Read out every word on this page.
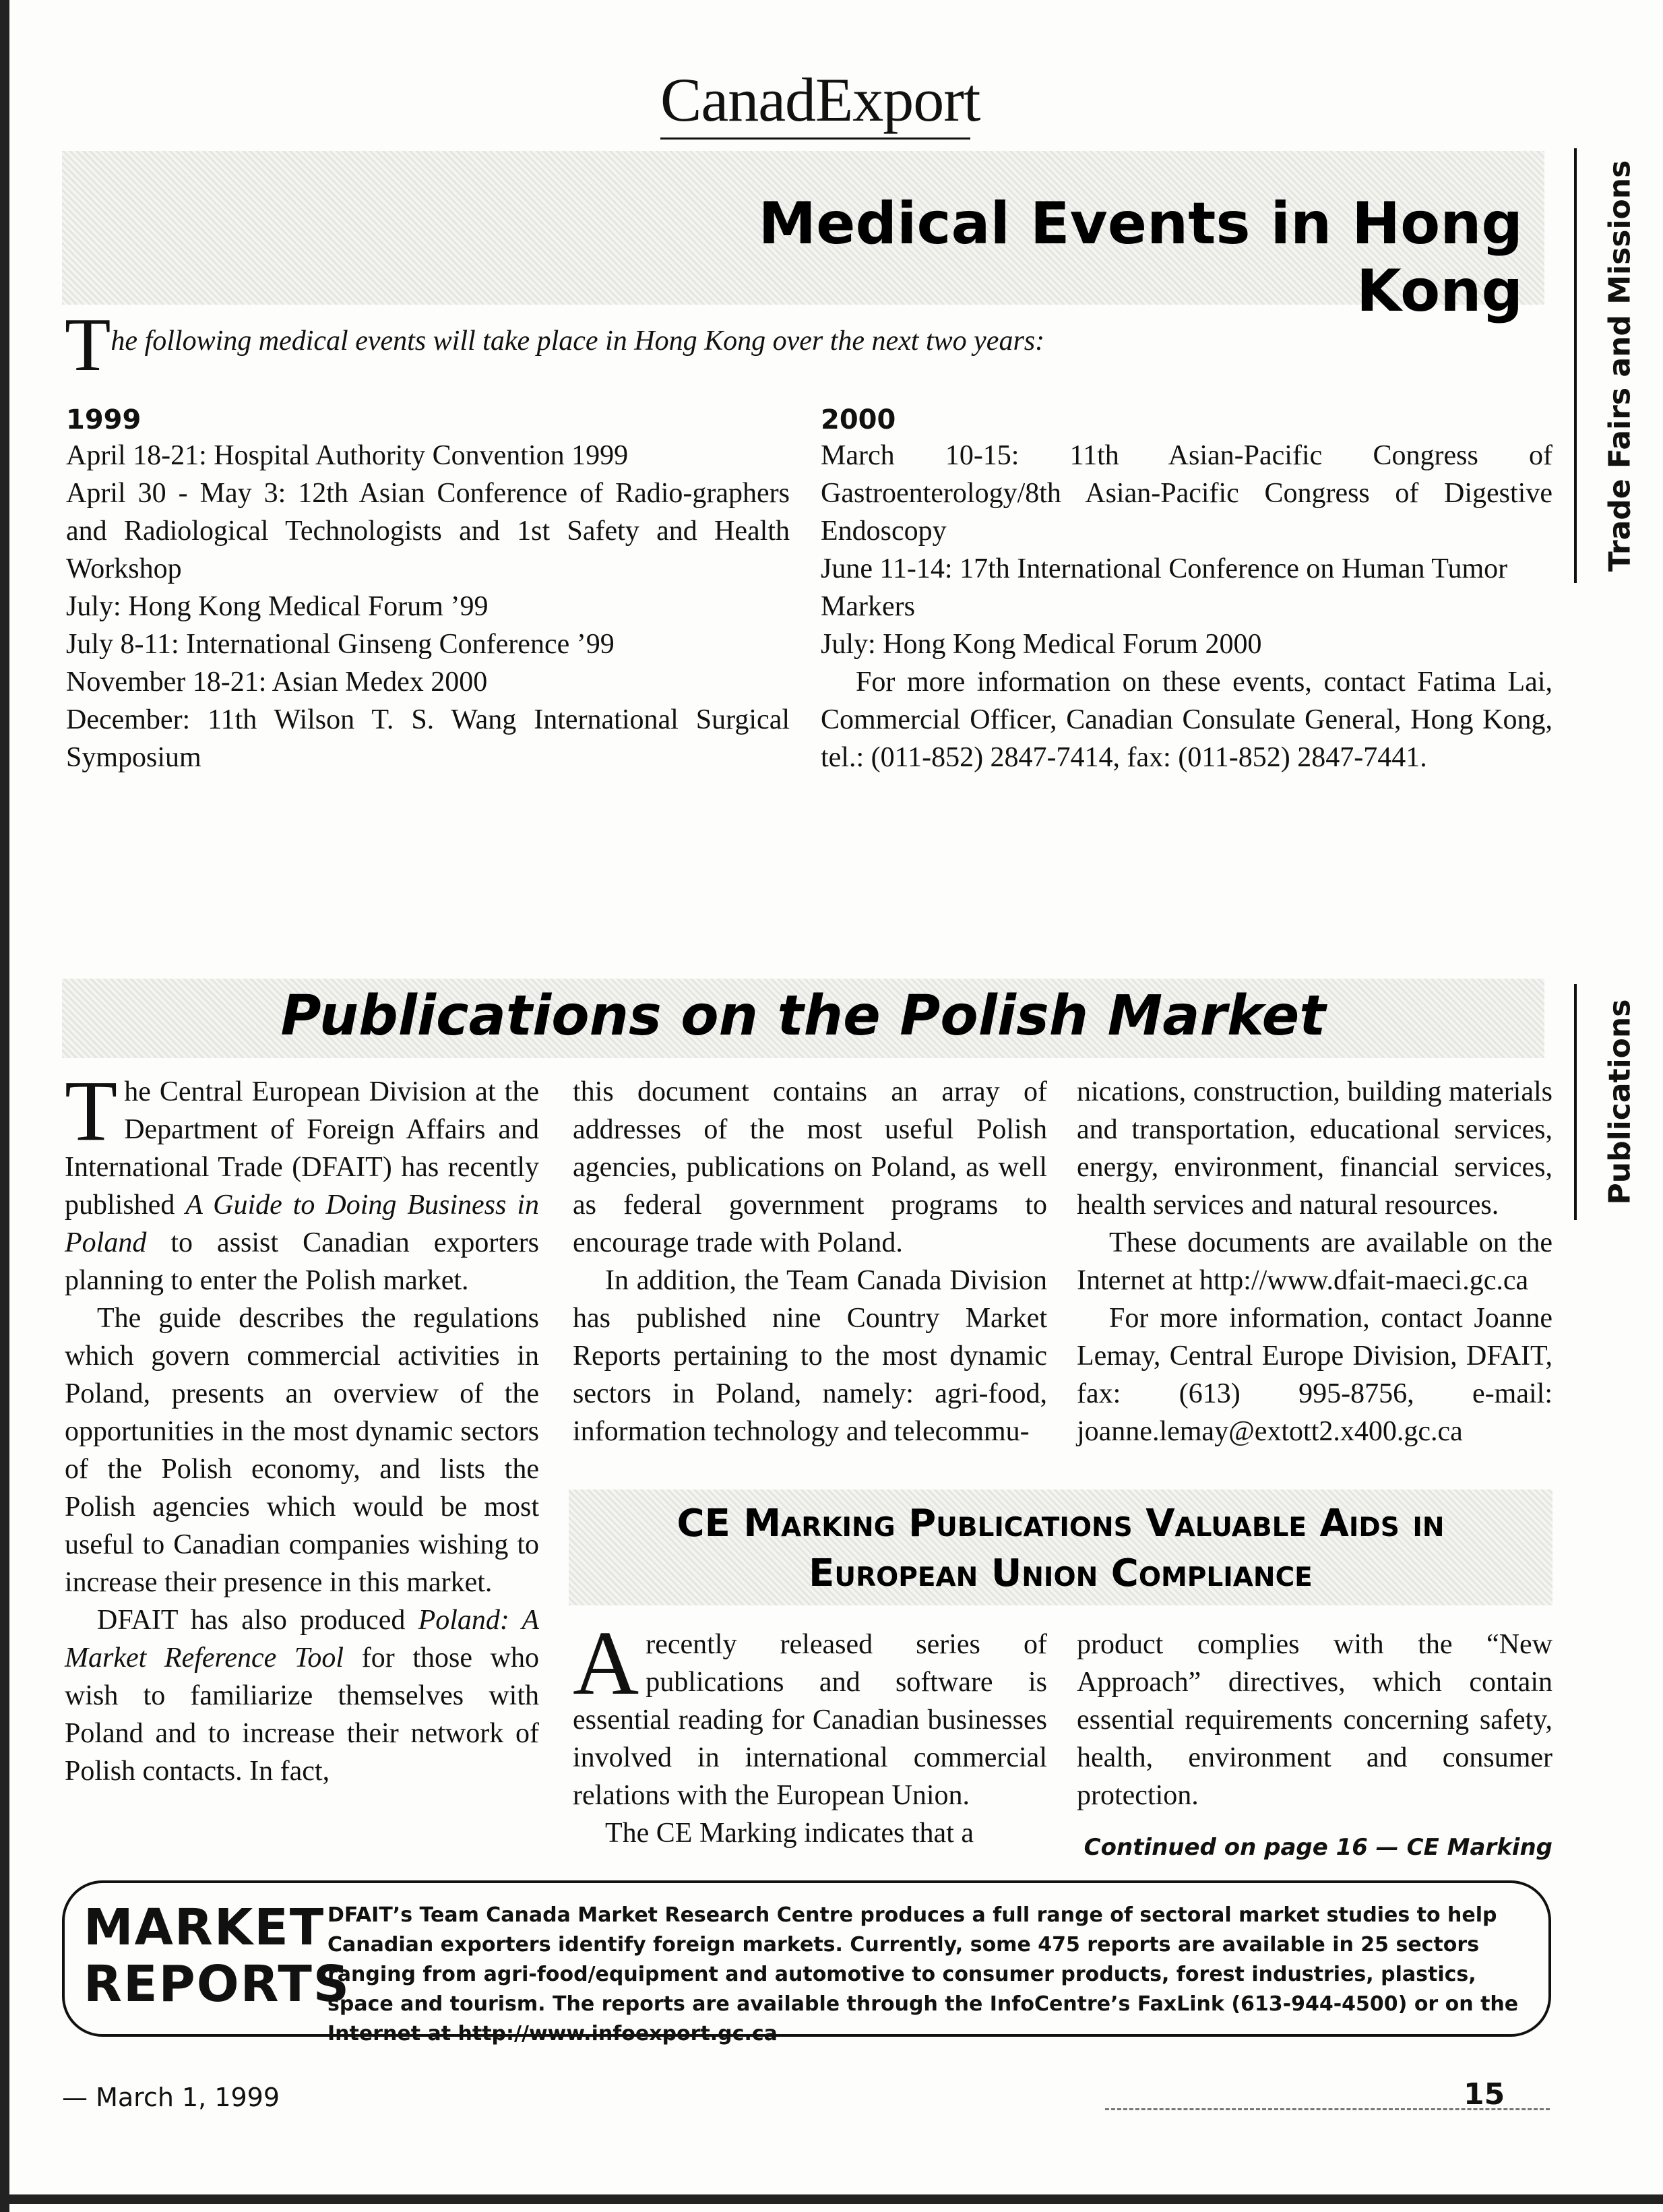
CanadExport
Trade Fairs and Missions
Medical Events in Hong Kong
The following medical events will take place in Hong Kong over the next two years:
1999

April 18-21: Hospital Authority Convention 1999

April 30 - May 3: 12th Asian Conference of Radio-graphers and Radiological Technologists and 1st Safety and Health Workshop

July: Hong Kong Medical Forum ’99

July 8-11: International Ginseng Conference ’99

November 18-21: Asian Medex 2000

December: 11th Wilson T. S. Wang International Surgical Symposium

2000

March 10-15: 11th Asian-Pacific Congress of Gastroenterology/8th Asian-Pacific Congress of Digestive Endoscopy

June 11-14: 17th International Conference on Human Tumor Markers

July: Hong Kong Medical Forum 2000

For more information on these events, contact Fatima Lai, Commercial Officer, Canadian Consulate General, Hong Kong, tel.: (011-852) 2847-7414, fax: (011-852) 2847-7441.

Publications
Publications on the Polish Market

The Central European Division at the Department of Foreign Affairs and International Trade (DFAIT) has recently published A Guide to Doing Business in Poland to assist Canadian exporters planning to enter the Polish market.

The guide describes the regulations which govern commercial activities in Poland, presents an overview of the opportunities in the most dynamic sectors of the Polish economy, and lists the Polish agencies which would be most useful to Canadian companies wishing to increase their presence in this market.

DFAIT has also produced Poland: A Market Reference Tool for those who wish to familiarize themselves with Poland and to increase their network of Polish contacts. In fact,

this document contains an array of addresses of the most useful Polish agencies, publications on Poland, as well as federal government programs to encourage trade with Poland.

In addition, the Team Canada Division has published nine Country Market Reports pertaining to the most dynamic sectors in Poland, namely: agri-food, information technology and telecommu-

nications, construction, building materials and transportation, educational services, energy, environment, financial services, health services and natural resources.

These documents are available on the Internet at http://www.dfait-maeci.gc.ca

For more information, contact Joanne Lemay, Central Europe Division, DFAIT, fax: (613) 995-8756, e-mail: joanne.lemay@extott2.x400.gc.ca

CE Marking Publications Valuable Aids in
European Union Compliance

Arecently released series of publications and software is essential reading for Canadian businesses involved in international commercial relations with the European Union.

The CE Marking indicates that a

product complies with the “New Approach” directives, which contain essential requirements concerning safety, health, environment and consumer protection.

Continued on page 16 — CE Marking
MARKET
REPORTS
DFAIT’s Team Canada Market Research Centre produces a full range of sectoral market studies to help Canadian exporters identify foreign markets. Currently, some 475 reports are available in 25 sectors ranging from agri-food/equipment and automotive to consumer products, forest industries, plastics, space and tourism. The reports are available through the InfoCentre’s FaxLink (613-944-4500) or on the Internet at http://www.infoexport.gc.ca
— March 1, 1999	15
